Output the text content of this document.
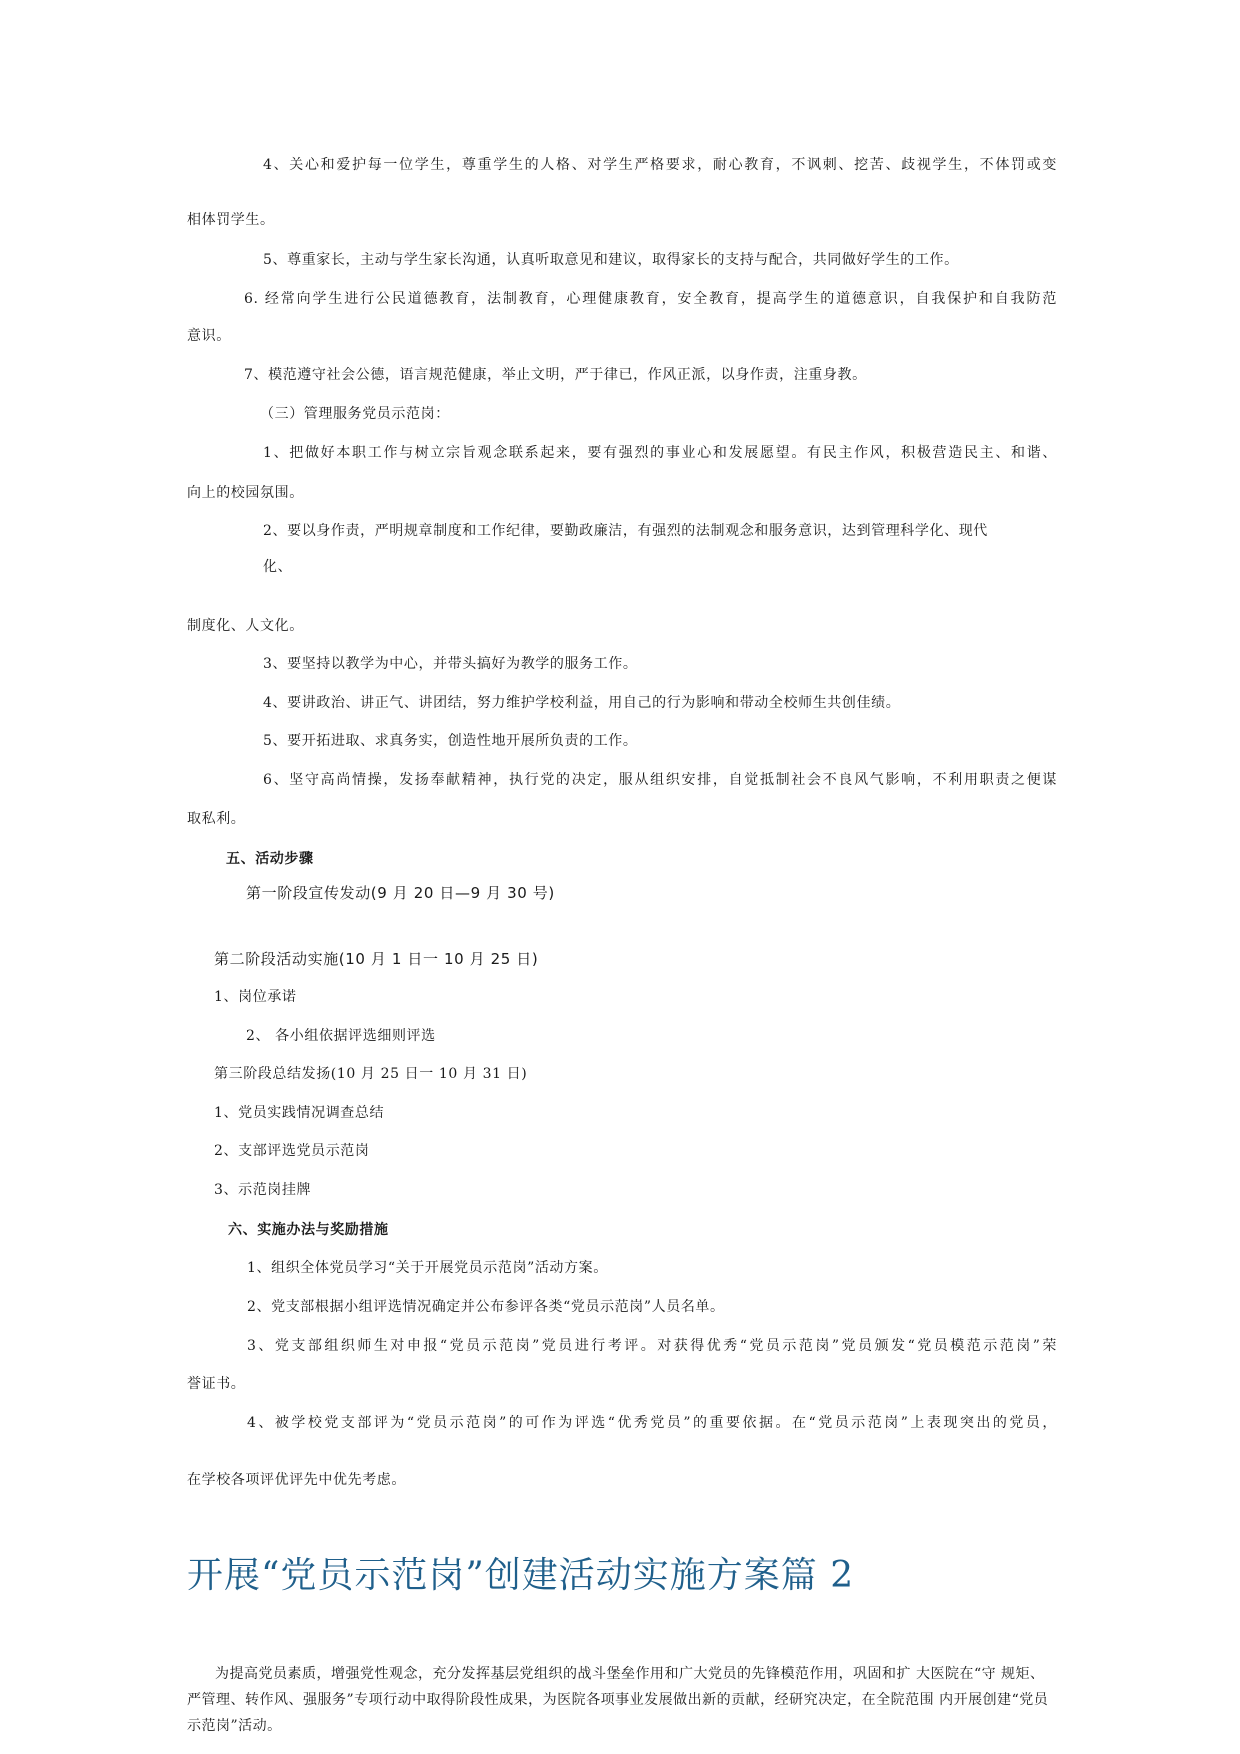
4、关心和爱护每一位学生，尊重学生的人格、对学生严格要求，耐心教育，不讽刺、挖苦、歧视学生，不体罚或变
相体罚学生。
5、尊重家长，主动与学生家长沟通，认真听取意见和建议，取得家长的支持与配合，共同做好学生的工作。
6. 经常向学生进行公民道德教育，法制教育，心理健康教育，安全教育，提高学生的道德意识，自我保护和自我防范
意识。
7、模范遵守社会公德，语言规范健康，举止文明，严于律已，作风正派，以身作责，注重身教。
（三）管理服务党员示范岗：
1、把做好本职工作与树立宗旨观念联系起来，要有强烈的事业心和发展愿望。有民主作风，积极营造民主、和谐、
向上的校园氛围。
2、要以身作责，严明规章制度和工作纪律，要勤政廉洁，有强烈的法制观念和服务意识，达到管理科学化、现代
化、
制度化、人文化。
3、要坚持以教学为中心，并带头搞好为教学的服务工作。
4、要讲政治、讲正气、讲团结，努力维护学校利益，用自己的行为影响和带动全校师生共创佳绩。
5、要开拓进取、求真务实，创造性地开展所负责的工作。
6、坚守高尚情操，发扬奉献精神，执行党的决定，服从组织安排，自觉抵制社会不良风气影响，不利用职责之便谋
取私利。
五、活动步骤
第一阶段宣传发动(9 月 20 日—9 月 30 号)
第二阶段活动实施(10 月 1 日一 10 月 25 日)
1、岗位承诺
2、 各小组依据评选细则评选
第三阶段总结发扬(10 月 25 日一 10 月 31 日)
1、党员实践情况调查总结
2、支部评选党员示范岗
3、示范岗挂牌
六、实施办法与奖励措施
1、组织全体党员学习“关于开展党员示范岗”活动方案。
2、党支部根据小组评选情况确定并公布参评各类“党员示范岗”人员名单。
3、党支部组织师生对申报“党员示范岗”党员进行考评。对获得优秀“党员示范岗”党员颁发“党员模范示范岗”荣
誉证书。
4、被学校党支部评为“党员示范岗”的可作为评选“优秀党员”的重要依据。在“党员示范岗”上表现突出的党员，
在学校各项评优评先中优先考虑。
开展“党员示范岗”创建活动实施方案篇 2
为提高党员素质，增强党性观念，充分发挥基层党组织的战斗堡垒作用和广大党员的先锋模范作用，巩固和扩 大医院在“守 规矩、严管理、转作风、强服务”专项行动中取得阶段性成果，为医院各项事业发展做出新的贡献，经研究决定，在全院范围 内开展创建“党员示范岗”活动。
